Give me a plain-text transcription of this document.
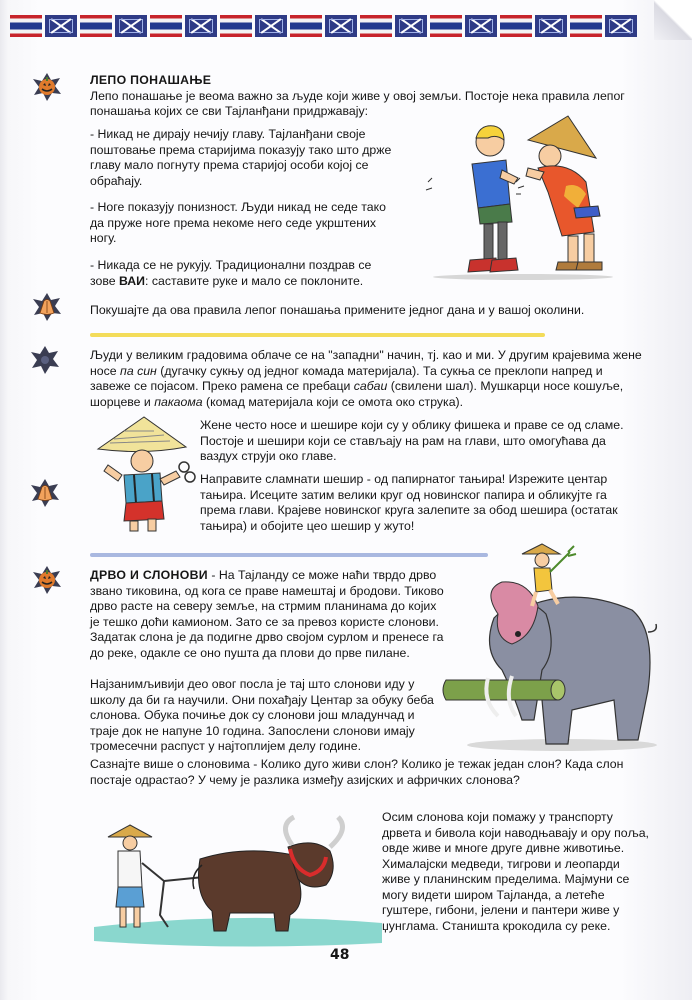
ЛЕПО ПОНАШАЊЕ
Лепо понашање је веома важно за људе који живе у овој земљи. Постоје нека правила лепог понашања којих се сви Тајланђани придржавају:
- Никад не дирају нечију главу. Тајланђани своје поштовање према старијима показују тако што држе главу мало погнуту према старијој особи којој се обраћају.
- Ноге показују понизност. Људи никад не седе тако да пруже ноге према некоме него седе укрштених ногу.
- Никада се не рукују. Традиционални поздрав се зове ВАИ: саставите руке и мало се поклоните.
Покушајте да ова правила лепог понашања примените једног дана и у вашој околини.
Људи у великим градовима облаче се на "западни" начин, тј. као и ми. У другим крајевима жене носе па син (дугачку сукњу од једног комада материјала). Та сукња се преклопи напред и завеже се појасом. Преко рамена се пребаци сабаи (свилени шал). Мушкарци носе кошуље, шорцеве и пакаома (комад материјала који се омота око струка).
Жене често носе и шешире који су у облику фишека и праве се од сламе. Постоје и шешири који се стављају на рам на глави, што омогућава да ваздух струји око главе.
Направите сламнати шешир - од папирнатог тањира! Изрежите центар тањира. Исеците затим велики круг од новинског папира и обликујте га према глави. Крајеве новинског круга залепите за обод шешира (остатак тањира) и обојите цео шешир у жуто!
ДРВО И СЛОНОВИ - На Тајланду се може наћи тврдо дрво звано тиковина, од кога се праве намештај и бродови. Тиково дрво расте на северу земље, на стрмим планинама до којих је тешко доћи камионом. Зато се за превоз користе слонови. Задатак слона је да подигне дрво својом сурлом и пренесе га до реке, одакле се оно пушта да плови до прве пилане.
Најзанимљивији део овог посла је тај што слонови иду у школу да би га научили. Они похађају Центар за обуку беба слонова. Обука почиње док су слонови још младунчад и траје док не напуне 10 година. Запослени слонови имају тромесечни распуст у најтоплијем делу године.
Сазнајте више о слоновима - Колико дуго живи слон? Колико је тежак један слон? Када слон постаје одрастао? У чему је разлика између азијских и афричких слонова?
Осим слонова који помажу у транспорту дрвета и бивола који наводњавају и ору поља, овде живе и многе друге дивне животиње. Хималајски медведи, тигрови и леопарди живе у планинским пределима. Мајмуни се могу видети широм Тајланда, а летеће гуштере, гибони, јелени и пантери живе у џунглама. Станишта крокодила су реке.
48
